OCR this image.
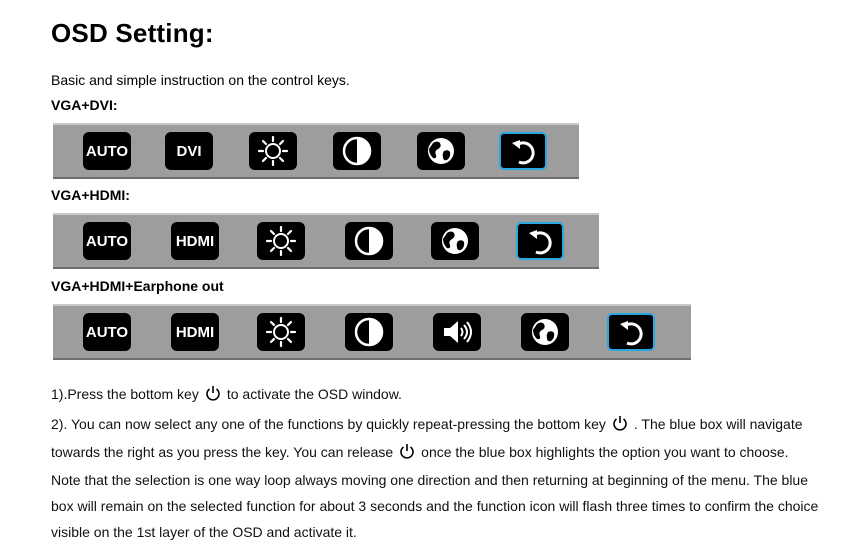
OSD Setting:
Basic and simple instruction on the control keys.
VGA+DVI:
AUTO	DVI
VGA+HDMI:
AUTO	HDMI
VGA+HDMI+Earphone out
AUTO	HDMI
1).Press the bottom key to activate the OSD window.
2). You can now select any one of the functions by quickly repeat-pressing the bottom key . The blue box will navigate towards the right as you press the key. You can release once the blue box highlights the option you want to choose. Note that the selection is one way loop always moving one direction and then returning at beginning of the menu. The blue box will remain on the selected function for about 3 seconds and the function icon will flash three times to confirm the choice visible on the 1st layer of the OSD and activate it.
